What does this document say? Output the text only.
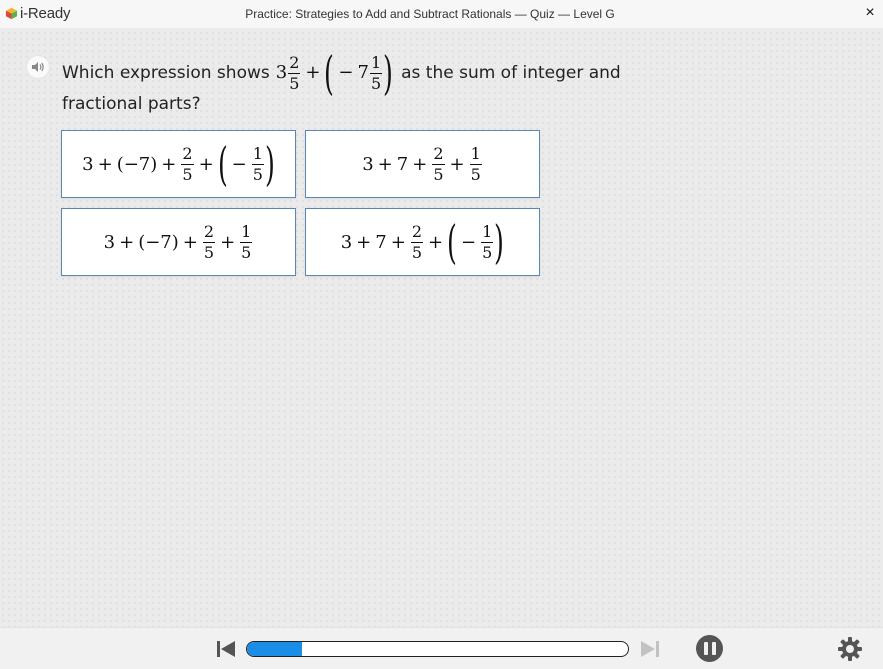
i-Ready	Practice: Strategies to Add and Subtract Rationals — Quiz — Level G	×
Which expression shows $3 \frac{2}{5}$ + ( − $7 \frac{1}{5}$ ) as the sum of integer and
fractional parts?
$3 + (-7) + \frac{2}{5}$ + ( − $\frac{1}{5}$ )	$3 + 7 + \frac{2}{5} + \frac{1}{5}$
$3 + (-7) + \frac{2}{5} + \frac{1}{5}$	$3 + 7 + \frac{2}{5}$ + ( − $\frac{1}{5}$ )
